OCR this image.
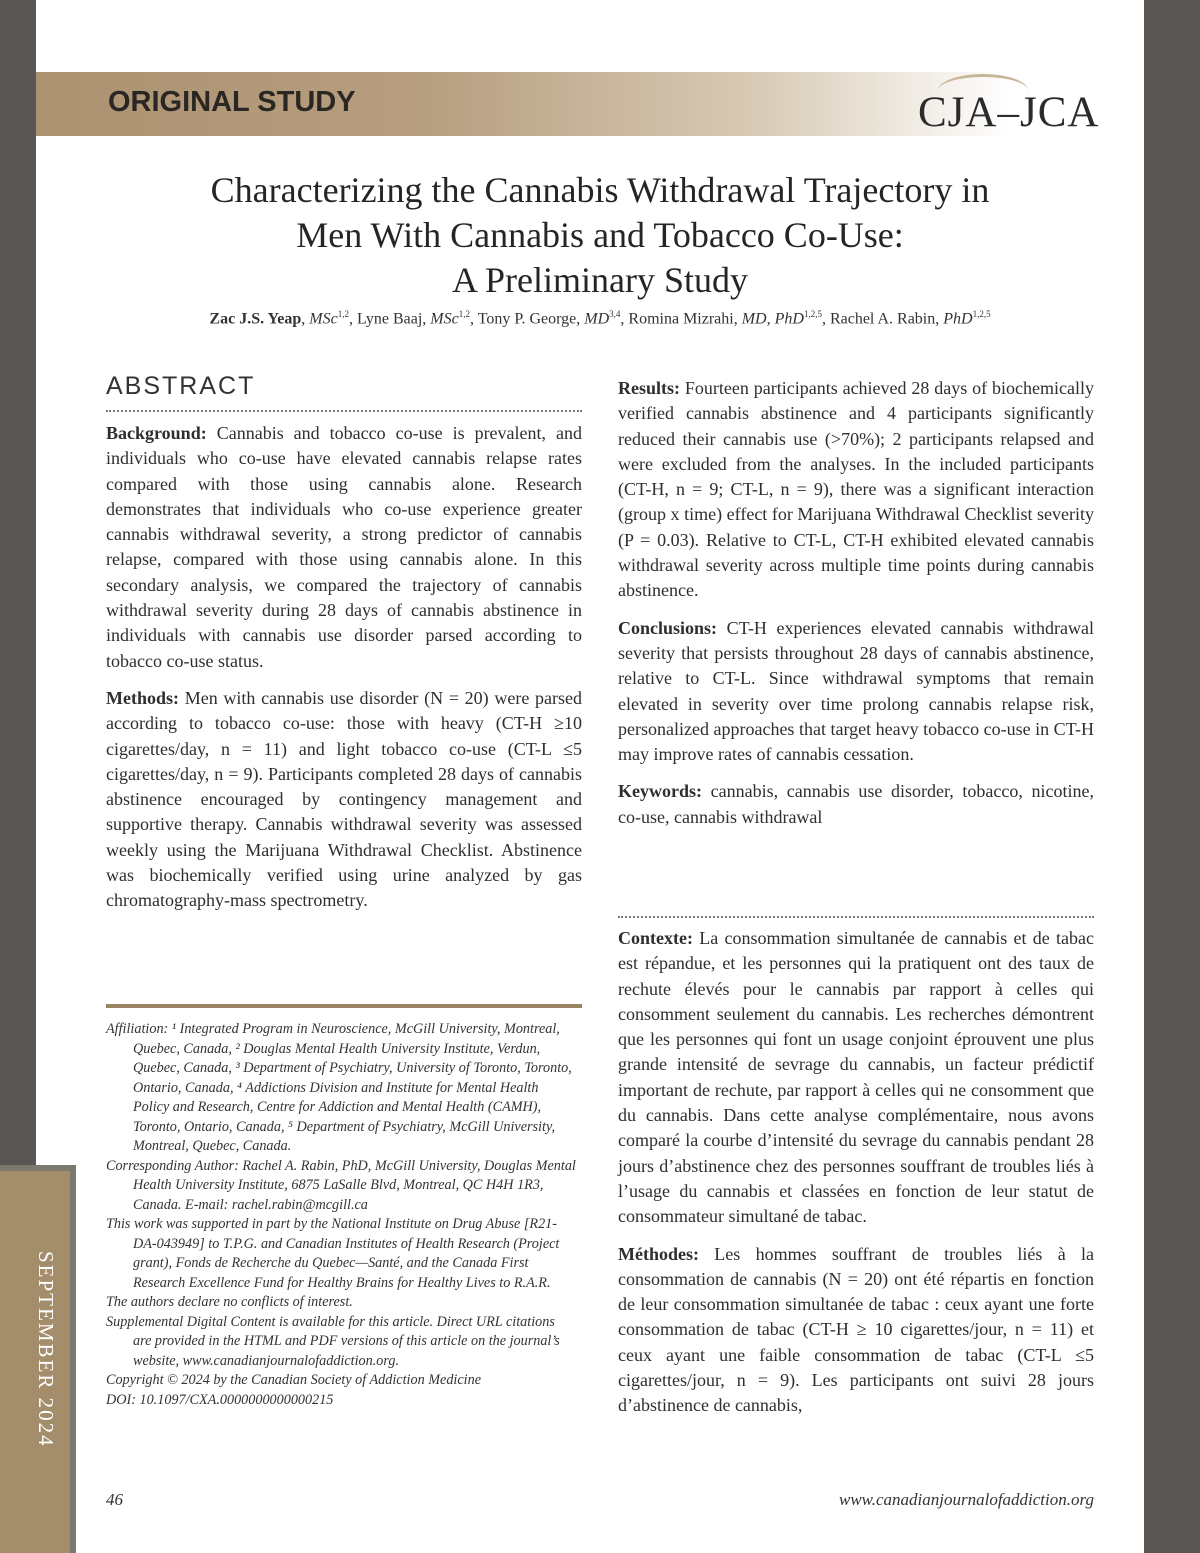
ORIGINAL STUDY	CJA–JCA
Characterizing the Cannabis Withdrawal Trajectory in
Men With Cannabis and Tobacco Co-Use:
A Preliminary Study
Zac J.S. Yeap, MSc$^{1,2}$, Lyne Baaj, MSc$^{1,2}$, Tony P. George, MD$^{3,4}$, Romina Mizrahi, MD, PhD$^{1,2,5}$, Rachel A. Rabin, PhD$^{1,2,5}$
ABSTRACT

Background: Cannabis and tobacco co-use is prevalent, and individuals who co-use have elevated cannabis relapse rates compared with those using cannabis alone. Research demonstrates that individuals who co-use experience greater cannabis withdrawal severity, a strong predictor of cannabis relapse, compared with those using cannabis alone. In this secondary analysis, we compared the trajectory of cannabis withdrawal severity during 28 days of cannabis abstinence in individuals with cannabis use disorder parsed according to tobacco co-use status.

Methods: Men with cannabis use disorder (N = 20) were parsed according to tobacco co-use: those with heavy (CT-H ≥10 cigarettes/day, n = 11) and light tobacco co-use (CT-L ≤5 cigarettes/day, n = 9). Participants completed 28 days of cannabis abstinence encouraged by contingency management and supportive therapy. Cannabis withdrawal severity was assessed weekly using the Marijuana Withdrawal Checklist. Abstinence was biochemically verified using urine analyzed by gas chromatography-mass spectrometry.

Affiliation: ¹ Integrated Program in Neuroscience, McGill University, Montreal, Quebec, Canada, ² Douglas Mental Health University Institute, Verdun, Quebec, Canada, ³ Department of Psychiatry, University of Toronto, Toronto, Ontario, Canada, ⁴ Addictions Division and Institute for Mental Health Policy and Research, Centre for Addiction and Mental Health (CAMH), Toronto, Ontario, Canada, ⁵ Department of Psychiatry, McGill University, Montreal, Quebec, Canada.
Corresponding Author: Rachel A. Rabin, PhD, McGill University, Douglas Mental Health University Institute, 6875 LaSalle Blvd, Montreal, QC H4H 1R3, Canada. E-mail: rachel.rabin@mcgill.ca
This work was supported in part by the National Institute on Drug Abuse [R21-DA-043949] to T.P.G. and Canadian Institutes of Health Research (Project grant), Fonds de Recherche du Quebec—Santé, and the Canada First Research Excellence Fund for Healthy Brains for Healthy Lives to R.A.R.
The authors declare no conflicts of interest.
Supplemental Digital Content is available for this article. Direct URL citations are provided in the HTML and PDF versions of this article on the journal’s website, www.canadianjournalofaddiction.org.
Copyright © 2024 by the Canadian Society of Addiction Medicine
DOI: 10.1097/CXA.0000000000000215

Results: Fourteen participants achieved 28 days of biochemically verified cannabis abstinence and 4 participants significantly reduced their cannabis use (>70%); 2 participants relapsed and were excluded from the analyses. In the included participants (CT-H, n = 9; CT-L, n = 9), there was a significant interaction (group x time) effect for Marijuana Withdrawal Checklist severity (P = 0.03). Relative to CT-L, CT-H exhibited elevated cannabis withdrawal severity across multiple time points during cannabis abstinence.

Conclusions: CT-H experiences elevated cannabis withdrawal severity that persists throughout 28 days of cannabis abstinence, relative to CT-L. Since withdrawal symptoms that remain elevated in severity over time prolong cannabis relapse risk, personalized approaches that target heavy tobacco co-use in CT-H may improve rates of cannabis cessation.

Keywords: cannabis, cannabis use disorder, tobacco, nicotine, co-use, cannabis withdrawal

Contexte: La consommation simultanée de cannabis et de tabac est répandue, et les personnes qui la pratiquent ont des taux de rechute élevés pour le cannabis par rapport à celles qui consomment seulement du cannabis. Les recherches démontrent que les personnes qui font un usage conjoint éprouvent une plus grande intensité de sevrage du cannabis, un facteur prédictif important de rechute, par rapport à celles qui ne consomment que du cannabis. Dans cette analyse complémentaire, nous avons comparé la courbe d’intensité du sevrage du cannabis pendant 28 jours d’abstinence chez des personnes souffrant de troubles liés à l’usage du cannabis et classées en fonction de leur statut de consommateur simultané de tabac.

Méthodes: Les hommes souffrant de troubles liés à la consommation de cannabis (N = 20) ont été répartis en fonction de leur consommation simultanée de tabac : ceux ayant une forte consommation de tabac (CT-H ≥ 10 cigarettes/jour, n = 11) et ceux ayant une faible consommation de tabac (CT-L ≤5 cigarettes/jour, n = 9). Les participants ont suivi 28 jours d’abstinence de cannabis,

SEPTEMBER 2024
46	www.canadianjournalofaddiction.org
